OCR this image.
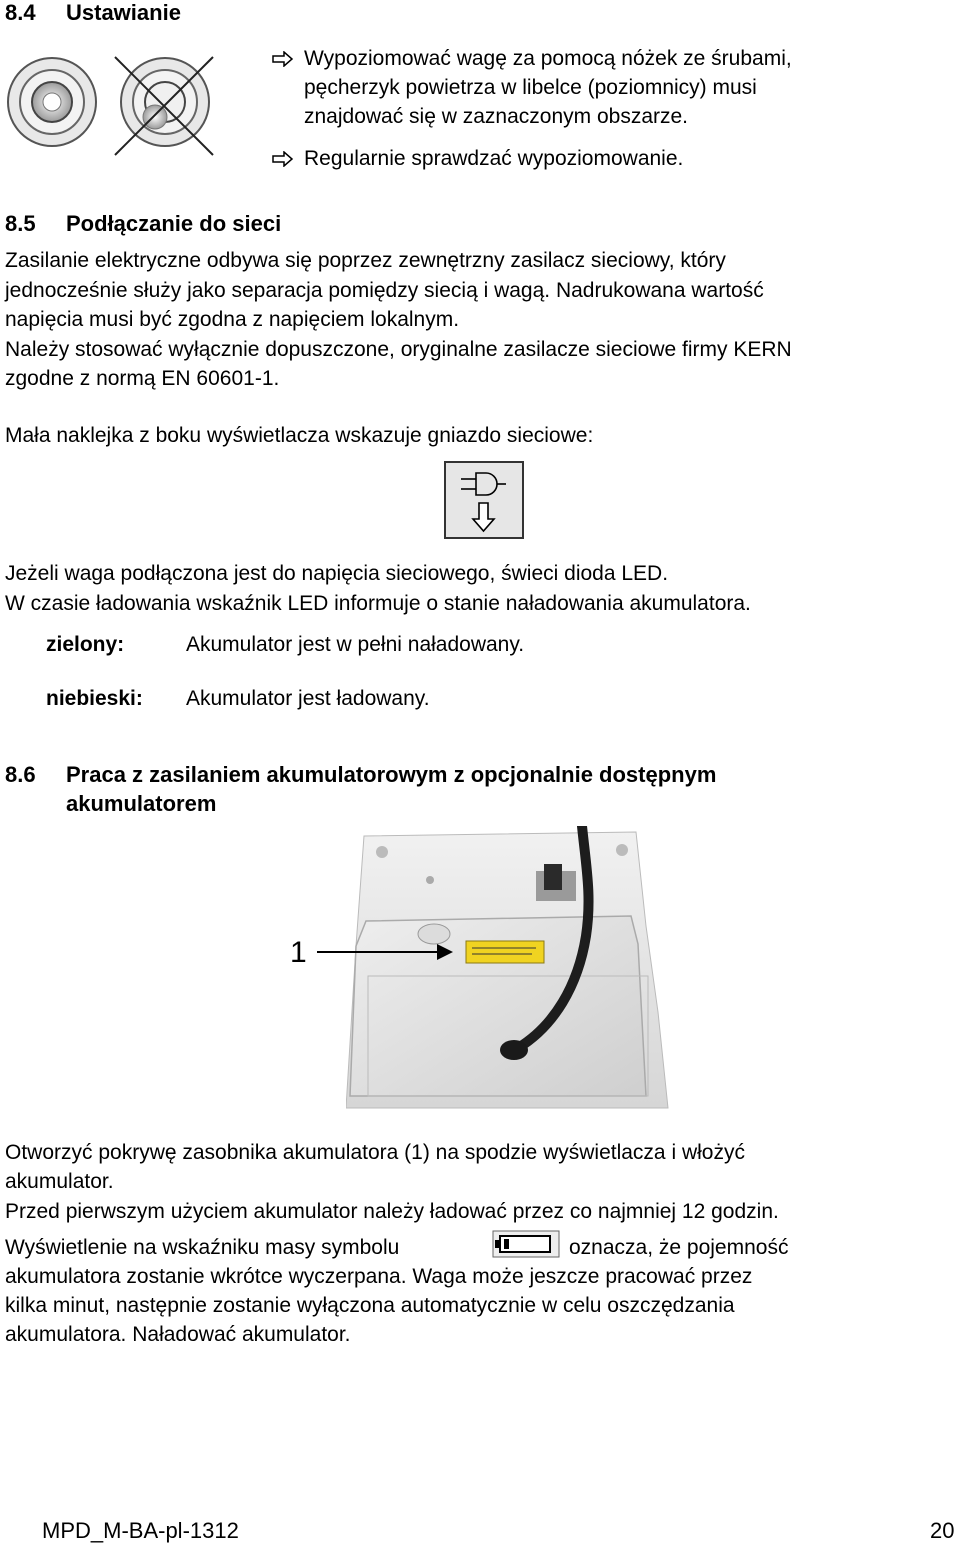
8.4 Ustawianie
Wypoziomować wagę za pomocą nóżek ze śrubami,
pęcherzyk powietrza w libelce (poziomnicy) musi
znajdować się w zaznaczonym obszarze.
Regularnie sprawdzać wypoziomowanie.
8.5 Podłączanie do sieci
Zasilanie elektryczne odbywa się poprzez zewnętrzny zasilacz sieciowy, który
jednocześnie służy jako separacja pomiędzy siecią i wagą. Nadrukowana wartość
napięcia musi być zgodna z napięciem lokalnym.
Należy stosować wyłącznie dopuszczone, oryginalne zasilacze sieciowe firmy KERN
zgodne z normą EN 60601-1.
Mała naklejka z boku wyświetlacza wskazuje gniazdo sieciowe:
Jeżeli waga podłączona jest do napięcia sieciowego, świeci dioda LED.
W czasie ładowania wskaźnik LED informuje o stanie naładowania akumulatora.
zielony:	Akumulator jest w pełni naładowany.
niebieski: Akumulator jest ładowany.
8.6 Praca z zasilaniem akumulatorowym z opcjonalnie dostępnym
akumulatorem
1
Otworzyć pokrywę zasobnika akumulatora (1) na spodzie wyświetlacza i włożyć
akumulator.
Przed pierwszym użyciem akumulator należy ładować przez co najmniej 12 godzin.
Wyświetlenie na wskaźniku masy symbolu	oznacza, że pojemność
akumulatora zostanie wkrótce wyczerpana. Waga może jeszcze pracować przez
kilka minut, następnie zostanie wyłączona automatycznie w celu oszczędzania
akumulatora. Naładować akumulator.
MPD_M-BA-pl-1312	20
